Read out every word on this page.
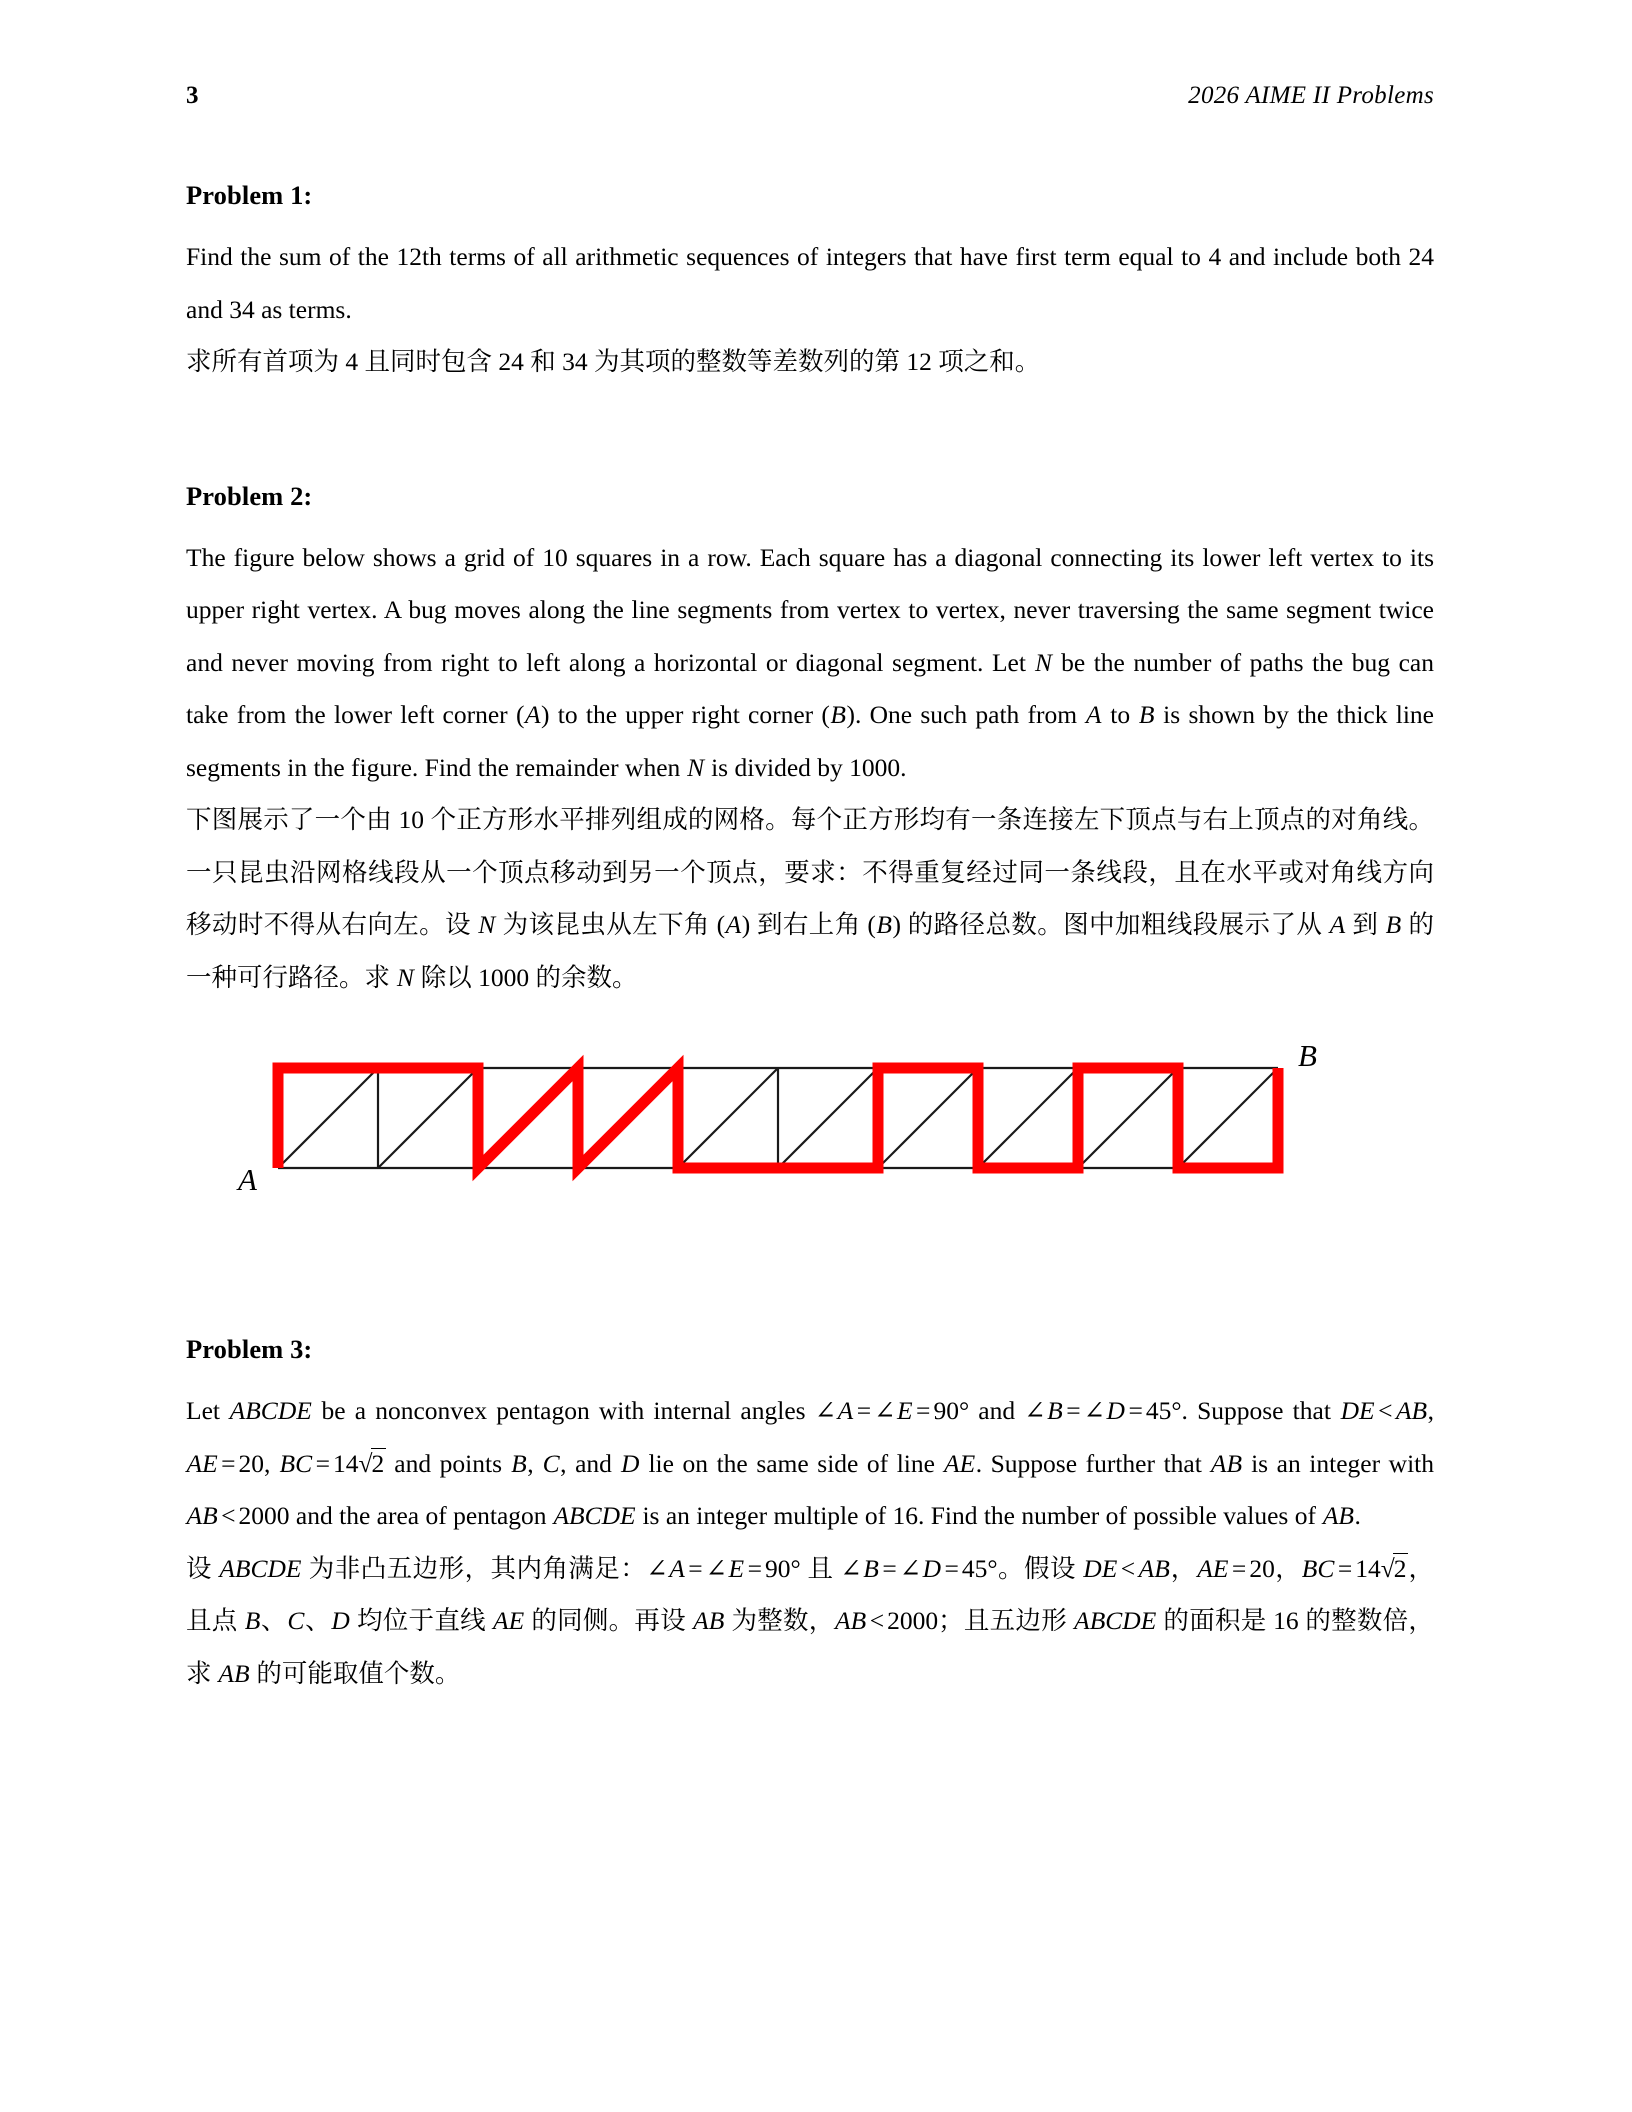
3	2026 AIME II Problems
Problem 1:

Find the sum of the 12th terms of all arithmetic sequences of integers that have first term equal to 4 and include both 24 and 34 as terms.

求所有首项为 4 且同时包含 24 和 34 为其项的整数等差数列的第 12 项之和。

Problem 2:

The figure below shows a grid of 10 squares in a row. Each square has a diagonal connecting its lower left vertex to its upper right vertex. A bug moves along the line segments from vertex to vertex, never traversing the same segment twice and never moving from right to left along a horizontal or diagonal segment. Let N be the number of paths the bug can take from the lower left corner (A) to the upper right corner (B). One such path from A to B is shown by the thick line segments in the figure. Find the remainder when N is divided by 1000.

下图展示了一个由 10 个正方形水平排列组成的网格。每个正方形均有一条连接左下顶点与右上顶点的对角线。一只昆虫沿网格线段从一个顶点移动到另一个顶点，要求：不得重复经过同一条线段，且在水平或对角线方向移动时不得从右向左。设 N 为该昆虫从左下角 (A) 到右上角 (B) 的路径总数。图中加粗线段展示了从 A 到 B 的一种可行路径。求 N 除以 1000 的余数。

A
B
Problem 3:

Let ABCDE be a nonconvex pentagon with internal angles ∠A = ∠E = 90° and ∠B = ∠D = 45°. Suppose that DE < AB, AE = 20, BC = 14√2 and points B, C, and D lie on the same side of line AE. Suppose further that AB is an integer with AB < 2000 and the area of pentagon ABCDE is an integer multiple of 16. Find the number of possible values of AB.

设 ABCDE 为非凸五边形，其内角满足：∠A = ∠E = 90° 且 ∠B = ∠D = 45°。假设 DE < AB，AE = 20，BC = 14√2，且点 B、C、D 均位于直线 AE 的同侧。再设 AB 为整数，AB < 2000；且五边形 ABCDE 的面积是 16 的整数倍，求 AB 的可能取值个数。
